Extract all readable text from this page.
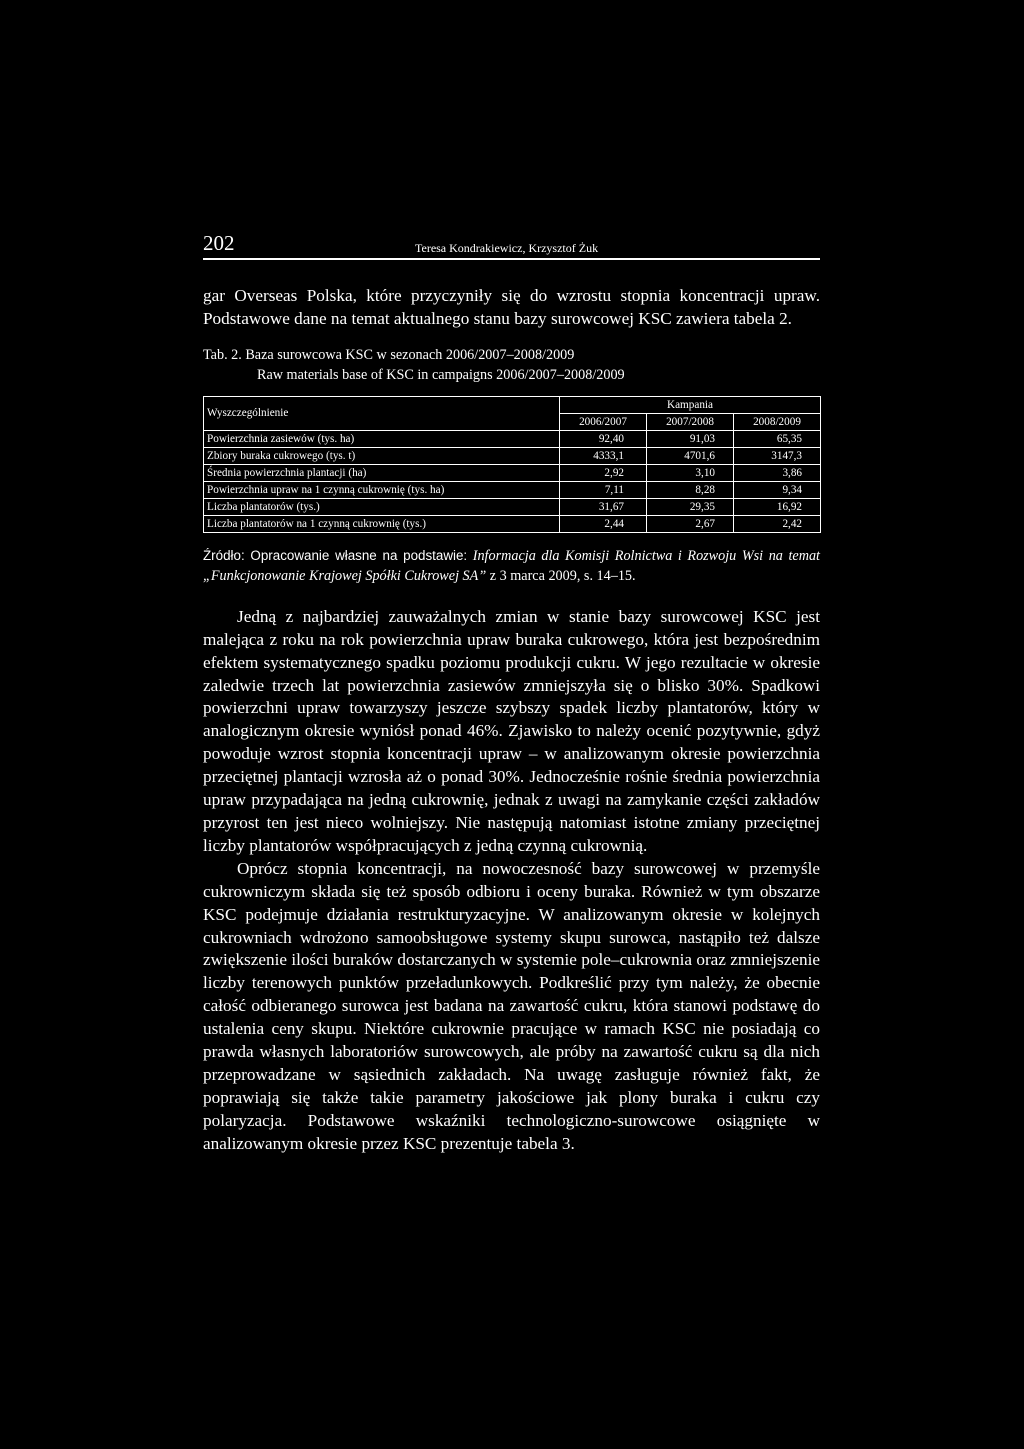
202	Teresa Kondrakiewicz, Krzysztof Żuk

gar Overseas Polska, które przyczyniły się do wzrostu stopnia koncentracji upraw. Podstawowe dane na temat aktualnego stanu bazy surowcowej KSC zawiera tabela 2.

Tab. 2. Baza surowcowa KSC w sezonach 2006/2007–2008/2009
Raw materials base of KSC in campaigns 2006/2007–2008/2009
Wyszczególnienie	Kampania		
	2006/2007	2007/2008	2008/2009
Powierzchnia zasiewów (tys. ha)	92,40	91,03	65,35
Zbiory buraka cukrowego (tys. t)	4333,1	4701,6	3147,3
Średnia powierzchnia plantacji (ha)	2,92	3,10	3,86
Powierzchnia upraw na 1 czynną cukrownię (tys. ha)	7,11	8,28	9,34
Liczba plantatorów (tys.)	31,67	29,35	16,92
Liczba plantatorów na 1 czynną cukrownię (tys.)	2,44	2,67	2,42

Źródło: Opracowanie własne na podstawie: Informacja dla Komisji Rolnictwa i Rozwoju Wsi na temat „Funkcjonowanie Krajowej Spółki Cukrowej SA” z 3 marca 2009, s. 14–15.

Jedną z najbardziej zauważalnych zmian w stanie bazy surowcowej KSC jest malejąca z roku na rok powierzchnia upraw buraka cukrowego, która jest bezpośrednim efektem systematycznego spadku poziomu produkcji cukru. W jego rezultacie w okresie zaledwie trzech lat powierzchnia zasiewów zmniejszyła się o blisko 30%. Spadkowi powierzchni upraw towarzyszy jeszcze szybszy spadek liczby plantatorów, który w analogicznym okresie wyniósł ponad 46%. Zjawisko to należy ocenić pozytywnie, gdyż powoduje wzrost stopnia koncentracji upraw – w analizowanym okresie powierzchnia przeciętnej plantacji wzrosła aż o ponad 30%. Jednocześnie rośnie średnia powierzchnia upraw przypadająca na jedną cukrownię, jednak z uwagi na zamykanie części zakładów przyrost ten jest nieco wolniejszy. Nie następują natomiast istotne zmiany przeciętnej liczby plantatorów współpracujących z jedną czynną cukrownią.

Oprócz stopnia koncentracji, na nowoczesność bazy surowcowej w przemyśle cukrowniczym składa się też sposób odbioru i oceny buraka. Również w tym obszarze KSC podejmuje działania restrukturyzacyjne. W analizowanym okresie w kolejnych cukrowniach wdrożono samoobsługowe systemy skupu surowca, nastąpiło też dalsze zwiększenie ilości buraków dostarczanych w systemie pole–cukrownia oraz zmniejszenie liczby terenowych punktów przeładunkowych. Podkreślić przy tym należy, że obecnie całość odbieranego surowca jest badana na zawartość cukru, która stanowi podstawę do ustalenia ceny skupu. Niektóre cukrownie pracujące w ramach KSC nie posiadają co prawda własnych laboratoriów surowcowych, ale próby na zawartość cukru są dla nich przeprowadzane w sąsiednich zakładach. Na uwagę zasługuje również fakt, że poprawiają się także takie parametry jakościowe jak plony buraka i cukru czy polaryzacja. Podstawowe wskaźniki technologiczno-surowcowe osiągnięte w analizowanym okresie przez KSC prezentuje tabela 3.
